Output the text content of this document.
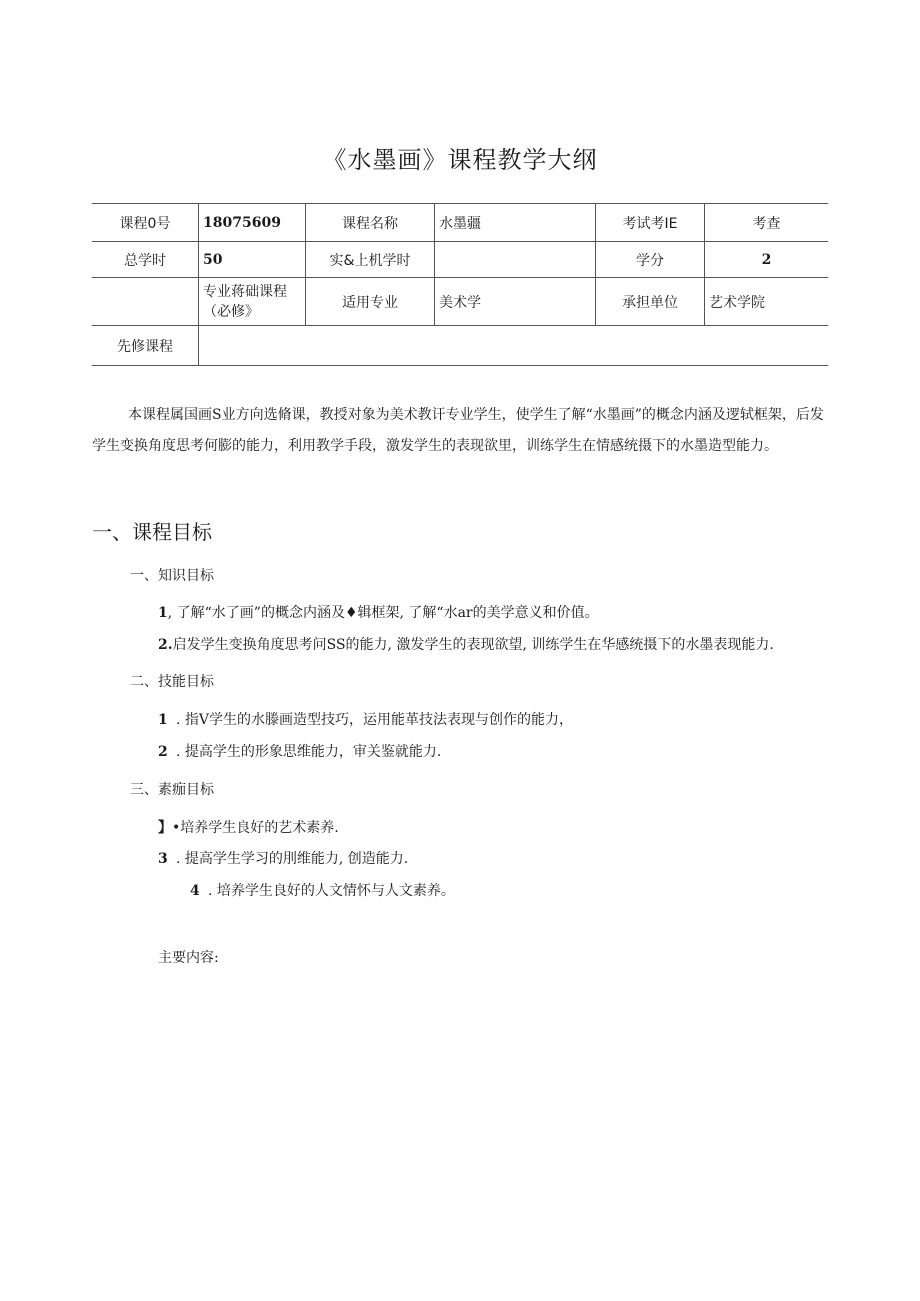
《水墨画》课程教学大纲
课程0号	18075609	课程名称	水墨疆	考试考IE	考查
总学时	50	实&上机学时		学分	2
	专业蒋础课程（必修》	适用专业	美术学	承担单位	艺术学院
先修课程					

本课程属国画S业方向选脩课，教授对象为美术教讦专业学生，使学生了解“水墨画”的概念内涵及逻轼框架，后发学生变换角度思考何膨的能力，利用教学手段，激发学生的表现欲里，训练学生在情感统摄下的水墨造型能力。

一、课程目标
一、知识目标
1, 了解“水了画”的概念内涵及♦辑框架, 了解“水ar的美学意义和价值。
2.启发学生变换角度思考问SS的能力, 激发学生的表现欲望, 训练学生在华感统摄下的水墨表现能力.
二、技能目标
1 . 指V学生的水滕画造型技巧，运用能革技法表现与创作的能力，
2 . 提高学生的形象思维能力，审关鉴就能力.
三、素痂目标
】•培养学生良好的艺术素养.
3 . 提高学生学习的刖维能力, 创造能力.
4 . 培养学生良好的人文情怀与人文素养。
主要内容:
